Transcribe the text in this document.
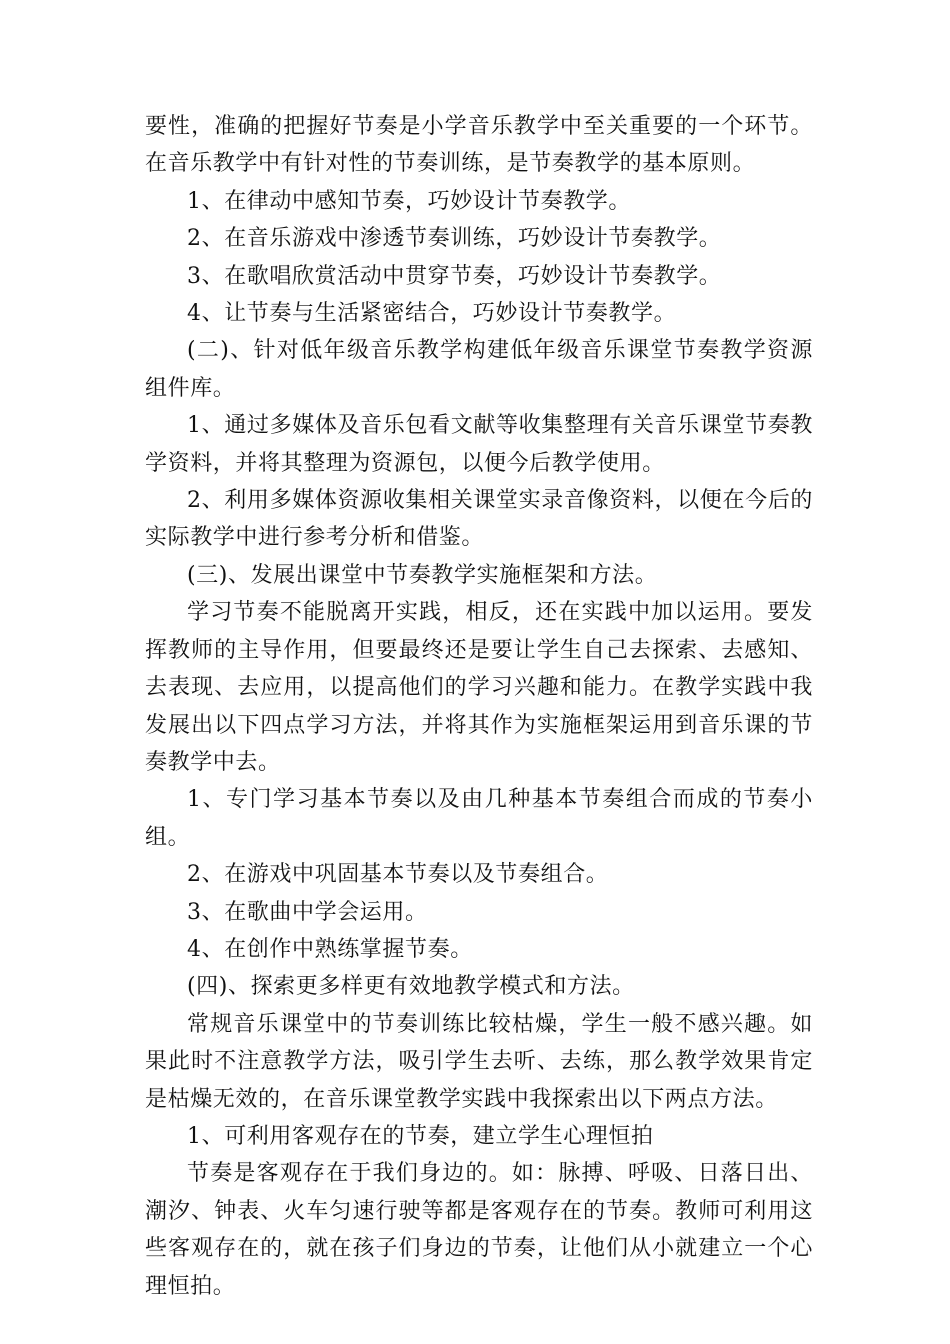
要性，准确的把握好节奏是小学音乐教学中至关重要的一个环节。在音乐教学中有针对性的节奏训练，是节奏教学的基本原则。

1、在律动中感知节奏，巧妙设计节奏教学。

2、在音乐游戏中渗透节奏训练，巧妙设计节奏教学。

3、在歌唱欣赏活动中贯穿节奏，巧妙设计节奏教学。

4、让节奏与生活紧密结合，巧妙设计节奏教学。

(二)、针对低年级音乐教学构建低年级音乐课堂节奏教学资源组件库。

1、通过多媒体及音乐包看文献等收集整理有关音乐课堂节奏教学资料，并将其整理为资源包，以便今后教学使用。

2、利用多媒体资源收集相关课堂实录音像资料，以便在今后的实际教学中进行参考分析和借鉴。

(三)、发展出课堂中节奏教学实施框架和方法。

学习节奏不能脱离开实践，相反，还在实践中加以运用。要发挥教师的主导作用，但要最终还是要让学生自己去探索、去感知、去表现、去应用，以提高他们的学习兴趣和能力。在教学实践中我发展出以下四点学习方法，并将其作为实施框架运用到音乐课的节奏教学中去。

1、专门学习基本节奏以及由几种基本节奏组合而成的节奏小组。

2、在游戏中巩固基本节奏以及节奏组合。

3、在歌曲中学会运用。

4、在创作中熟练掌握节奏。

(四)、探索更多样更有效地教学模式和方法。

常规音乐课堂中的节奏训练比较枯燥，学生一般不感兴趣。如果此时不注意教学方法，吸引学生去听、去练，那么教学效果肯定是枯燥无效的，在音乐课堂教学实践中我探索出以下两点方法。

1、可利用客观存在的节奏，建立学生心理恒拍

节奏是客观存在于我们身边的。如：脉搏、呼吸、日落日出、潮汐、钟表、火车匀速行驶等都是客观存在的节奏。教师可利用这些客观存在的，就在孩子们身边的节奏，让他们从小就建立一个心理恒拍。
